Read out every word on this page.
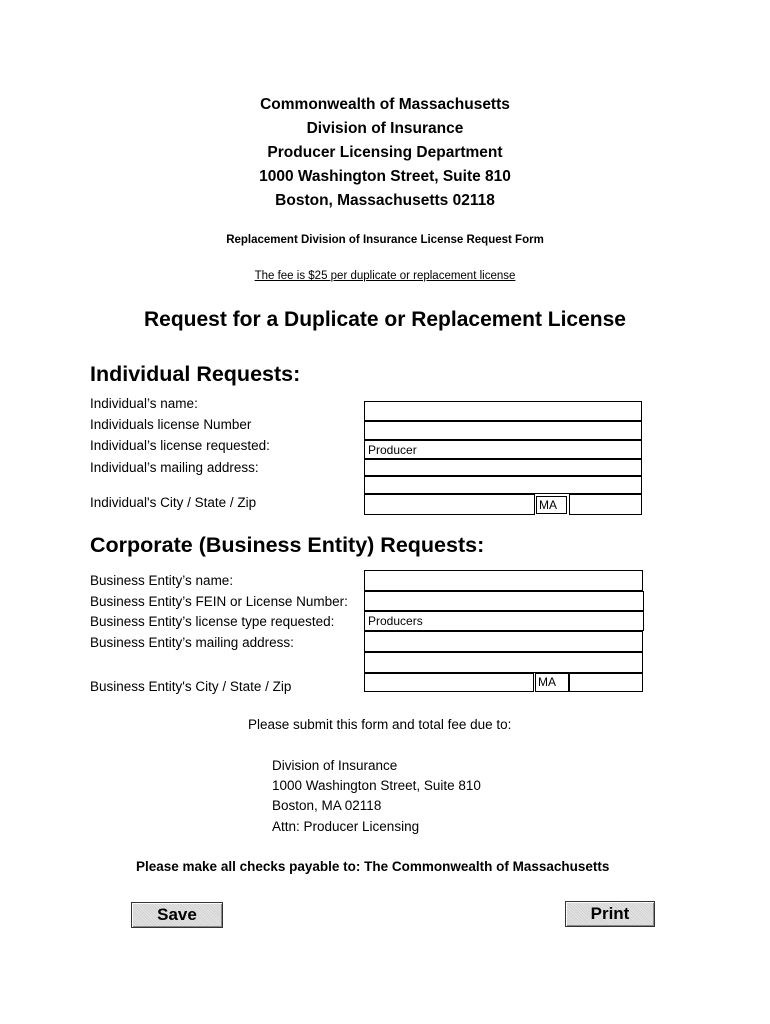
Commonwealth of Massachusetts
Division of Insurance
Producer Licensing Department
1000 Washington Street, Suite 810
Boston, Massachusetts 02118
Replacement Division of Insurance License Request Form
The fee is $25 per duplicate or replacement license
Request for a Duplicate or Replacement License
Individual Requests:
Individual’s name:
Individuals license Number
Individual’s license requested:
Individual’s mailing address:
Individual's City / State / Zip
Producer
MA
Corporate (Business Entity) Requests:
Business Entity’s name:
Business Entity’s FEIN or License Number:
Business Entity’s license type requested:
Business Entity’s mailing address:
Business Entity's City / State / Zip
Producers
MA
Please submit this form and total fee due to:
Division of Insurance
1000 Washington Street, Suite 810
Boston, MA 02118
Attn: Producer Licensing
Please make all checks payable to: The Commonwealth of Massachusetts
Save	Print
